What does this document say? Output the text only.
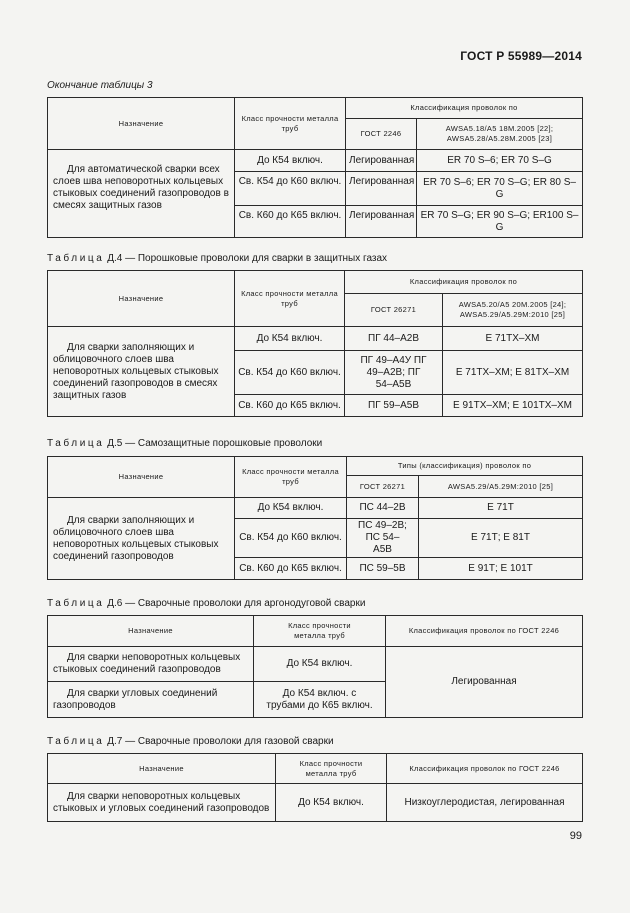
ГОСТ Р 55989—2014
Окончание таблицы 3
Назначение	Класс прочности металла труб	Классификация проволок по	
		ГОСТ 2246	AWSA5.18/A5 18M.2005 [22]; AWSA5.28/A5.28M.2005 [23]
Для автоматической сварки всех слоев шва неповоротных кольцевых стыковых соединений газопроводов в смесях защитных газов	До К54 включ.	Легированная	ER 70 S–6; ER 70 S–G
	Св. К54 до К60 включ.	Легированная	ER 70 S–6; ER 70 S–G; ER 80 S–G
	Св. К60 до К65 включ.	Легированная	ER 70 S–G; ER 90 S–G; ER100 S–G
Таблица Д.4 — Порошковые проволоки для сварки в защитных газах
Назначение	Класс прочности металла труб	Классификация проволок по	
		ГОСТ 26271	AWSA5.20/A5 20M.2005 [24]; AWSA5.29/A5.29M:2010 [25]
Для сварки заполняющих и облицовочного слоев шва неповоротных кольцевых стыковых соединений газопроводов в смесях защитных газов	До К54 включ.	ПГ 44–А2В	Е 71ТХ–ХМ
	Св. К54 до К60 включ.	ПГ 49–А4У ПГ 49–А2В; ПГ 54–А5В	Е 71ТХ–ХМ; Е 81ТХ–ХМ
	Св. К60 до К65 включ.	ПГ 59–А5В	Е 91ТХ–ХМ; Е 101ТХ–ХМ
Таблица Д.5 — Самозащитные порошковые проволоки
Назначение	Класс прочности металла труб	Типы (классификация) проволок по	
		ГОСТ 26271	AWSA5.29/A5.29M:2010 [25]
Для сварки заполняющих и облицовочного слоев шва неповоротных кольцевых стыковых соединений газопроводов	До К54 включ.	ПС 44–2В	Е 71Т
	Св. К54 до К60 включ.	ПС 49–2В; ПС 54–А5В	Е 71Т; Е 81Т
	Св. К60 до К65 включ.	ПС 59–5В	Е 91Т; Е 101Т
Таблица Д.6 — Сварочные проволоки для аргонодуговой сварки
Назначение	Класс прочности металла труб	Классификация проволок по ГОСТ 2246
Для сварки неповоротных кольцевых стыковых соединений газопроводов	До К54 включ.	Легированная
Для сварки угловых соединений газопроводов	До К54 включ. с трубами до К65 включ.	
Таблица Д.7 — Сварочные проволоки для газовой сварки
Назначение	Класс прочности металла труб	Классификация проволок по ГОСТ 2246
Для сварки неповоротных кольцевых стыковых и угловых соединений газопроводов	До К54 включ.	Низкоуглеродистая, легированная
99
